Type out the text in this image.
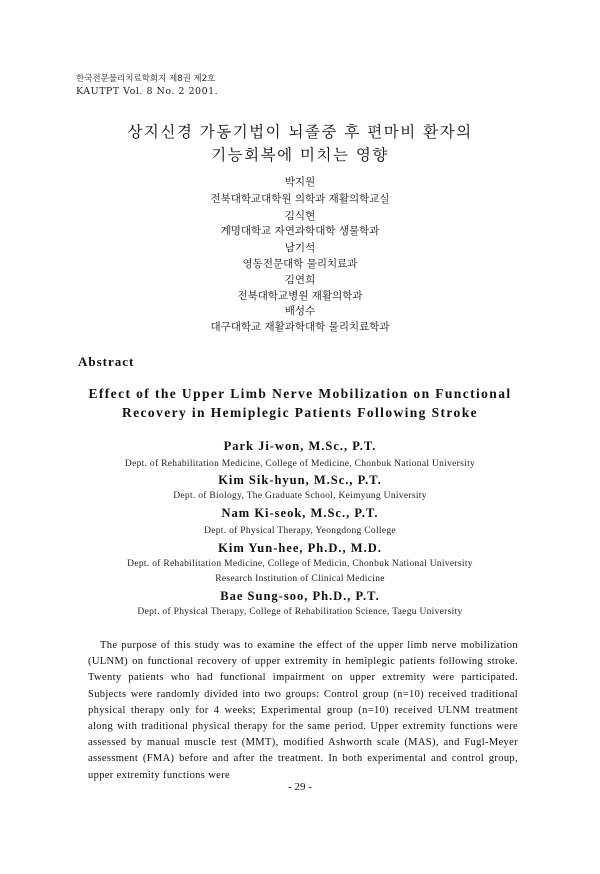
한국전문물리치료학회지 제8권 제2호
KAUTPT Vol. 8 No. 2 2001.
상지신경 가동기법이 뇌졸중 후 편마비 환자의
기능회복에 미치는 영향
박지원
전북대학교대학원 의학과 재활의학교실
김식현
계명대학교 자연과학대학 생물학과
남기석
영동전문대학 물리치료과
김연희
전북대학교병원 재활의학과
배성수
대구대학교 재활과학대학 물리치료학과
Abstract
Effect of the Upper Limb Nerve Mobilization on Functional
Recovery in Hemiplegic Patients Following Stroke
Park Ji-won, M.Sc., P.T.
Dept. of Rehabilitation Medicine, College of Medicine, Chonbuk National University
Kim Sik-hyun, M.Sc., P.T.
Dept. of Biology, The Graduate School, Keimyung University
Nam Ki-seok, M.Sc., P.T.
Dept. of Physical Therapy, Yeongdong College
Kim Yun-hee, Ph.D., M.D.
Dept. of Rehabilitation Medicine, College of Medicin, Chonbuk National University
Research Institution of Clinical Medicine
Bae Sung-soo, Ph.D., P.T.
Dept. of Physical Therapy, College of Rehabilitation Science, Taegu University

The purpose of this study was to examine the effect of the upper limb nerve mobilization (ULNM) on functional recovery of upper extremity in hemiplegic patients following stroke. Twenty patients who had functional impairment on upper extremity were participated. Subjects were randomly divided into two groups: Control group (n=10) received traditional physical therapy only for 4 weeks; Experimental group (n=10) received ULNM treatment along with traditional physical therapy for the same period. Upper extremity functions were assessed by manual muscle test (MMT), modified Ashworth scale (MAS), and Fugl-Meyer assessment (FMA) before and after the treatment. In both experimental and control group, upper extremity functions were

- 29 -
